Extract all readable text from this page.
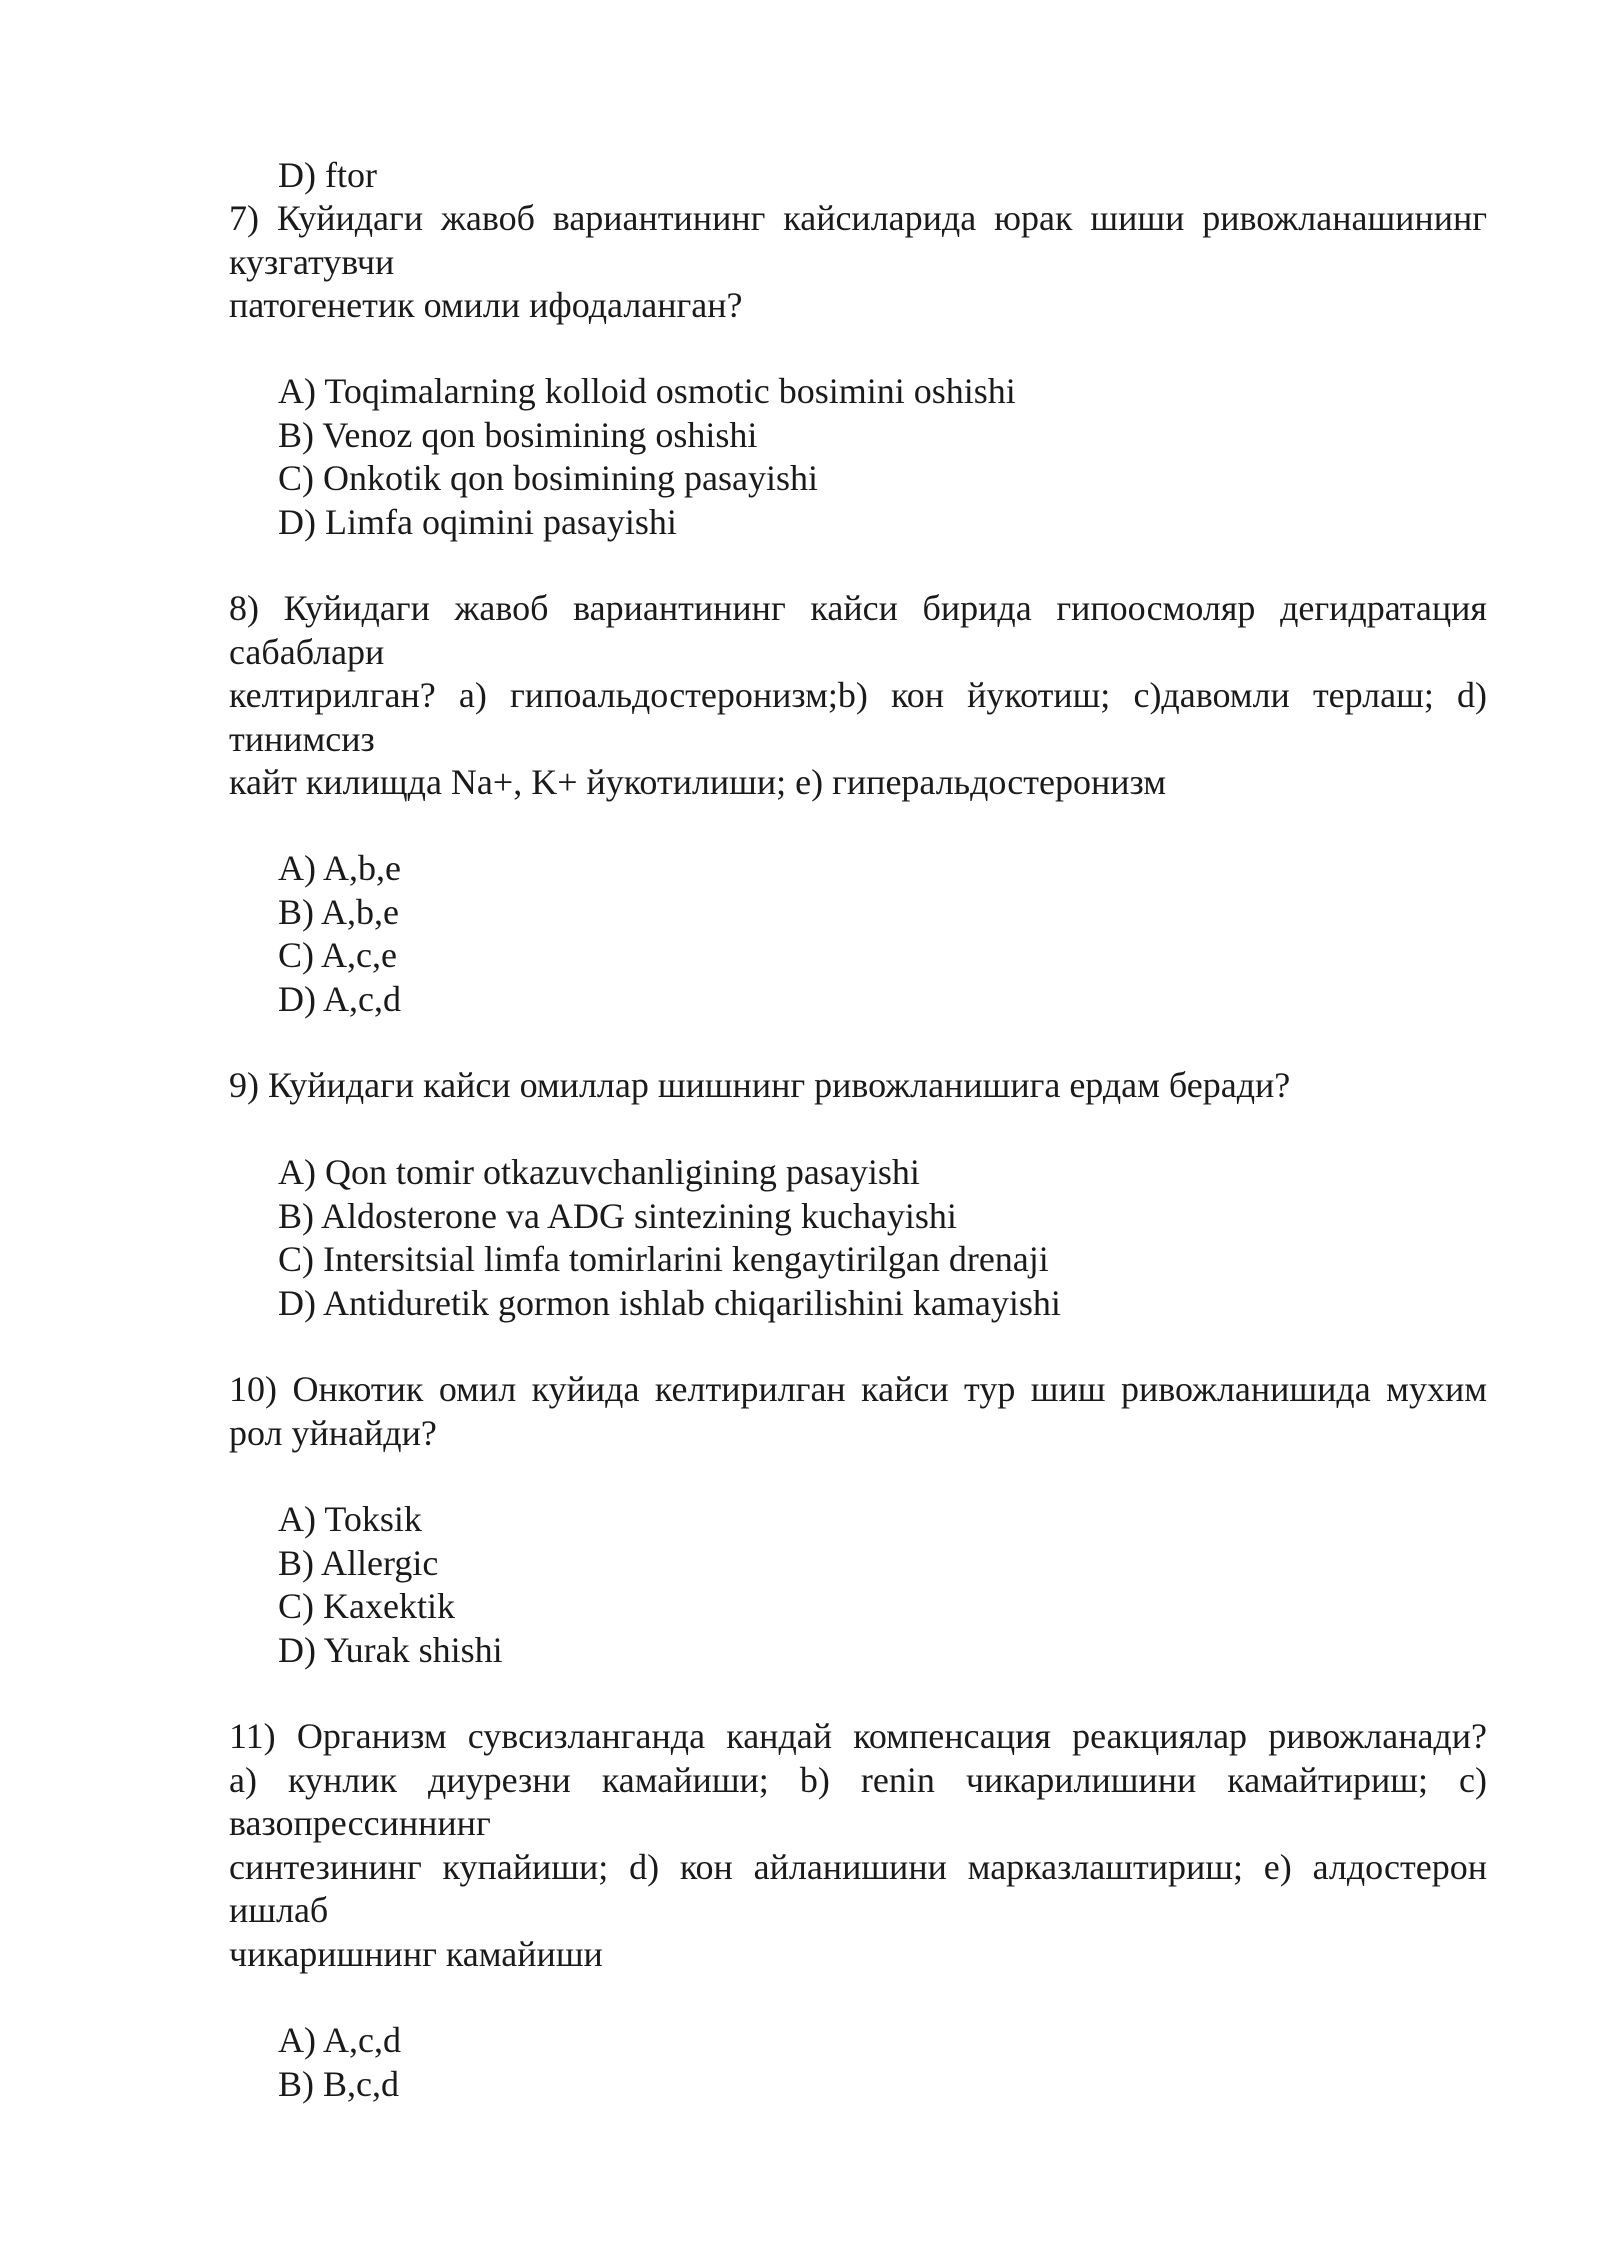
D) ftor
7) Куйидаги жавоб вариантининг кайсиларида юрак шиши ривожланашининг
кузгатувчи
патогенетик омили ифодаланган?
A) Toqimalarning kolloid osmotic bosimini oshishi
B) Venoz qon bosimining oshishi
C) Onkotik qon bosimining pasayishi
D) Limfa oqimini pasayishi
8) Куйидаги жавоб вариантининг кайси бирида гипоосмоляр дегидратация
сабаблари
келтирилган? a) гипоальдостеронизм;b) кон йукотиш; c)давомли терлаш; d)
тинимсиз
кайт килищда Na+, K+ йукотилиши; e) гиперальдостеронизм
A) A,b,e
B) A,b,e
C) A,c,e
D) A,c,d
9) Куйидаги кайси омиллар шишнинг ривожланишига ердам беради?
A) Qon tomir otkazuvchanligining pasayishi
B) Aldosterone va ADG sintezining kuchayishi
C) Intersitsial limfa tomirlarini kengaytirilgan drenaji
D) Antiduretik gormon ishlab chiqarilishini kamayishi
10) Онкотик омил куйида келтирилган кайси тур шиш ривожланишида мухим
рол уйнайди?
A) Toksik
B) Allergic
C) Kaxektik
D) Yurak shishi
11) Организм сувсизланганда кандай компенсация реакциялар ривожланади?
a) кунлик диурезни камайиши; b) renin чикарилишини камайтириш; c)
вазопрессиннинг
синтезининг купайиши; d) кон айланишини марказлаштириш; e) алдостерон
ишлаб
чикаришнинг камайиши
A) A,c,d
B) B,c,d
